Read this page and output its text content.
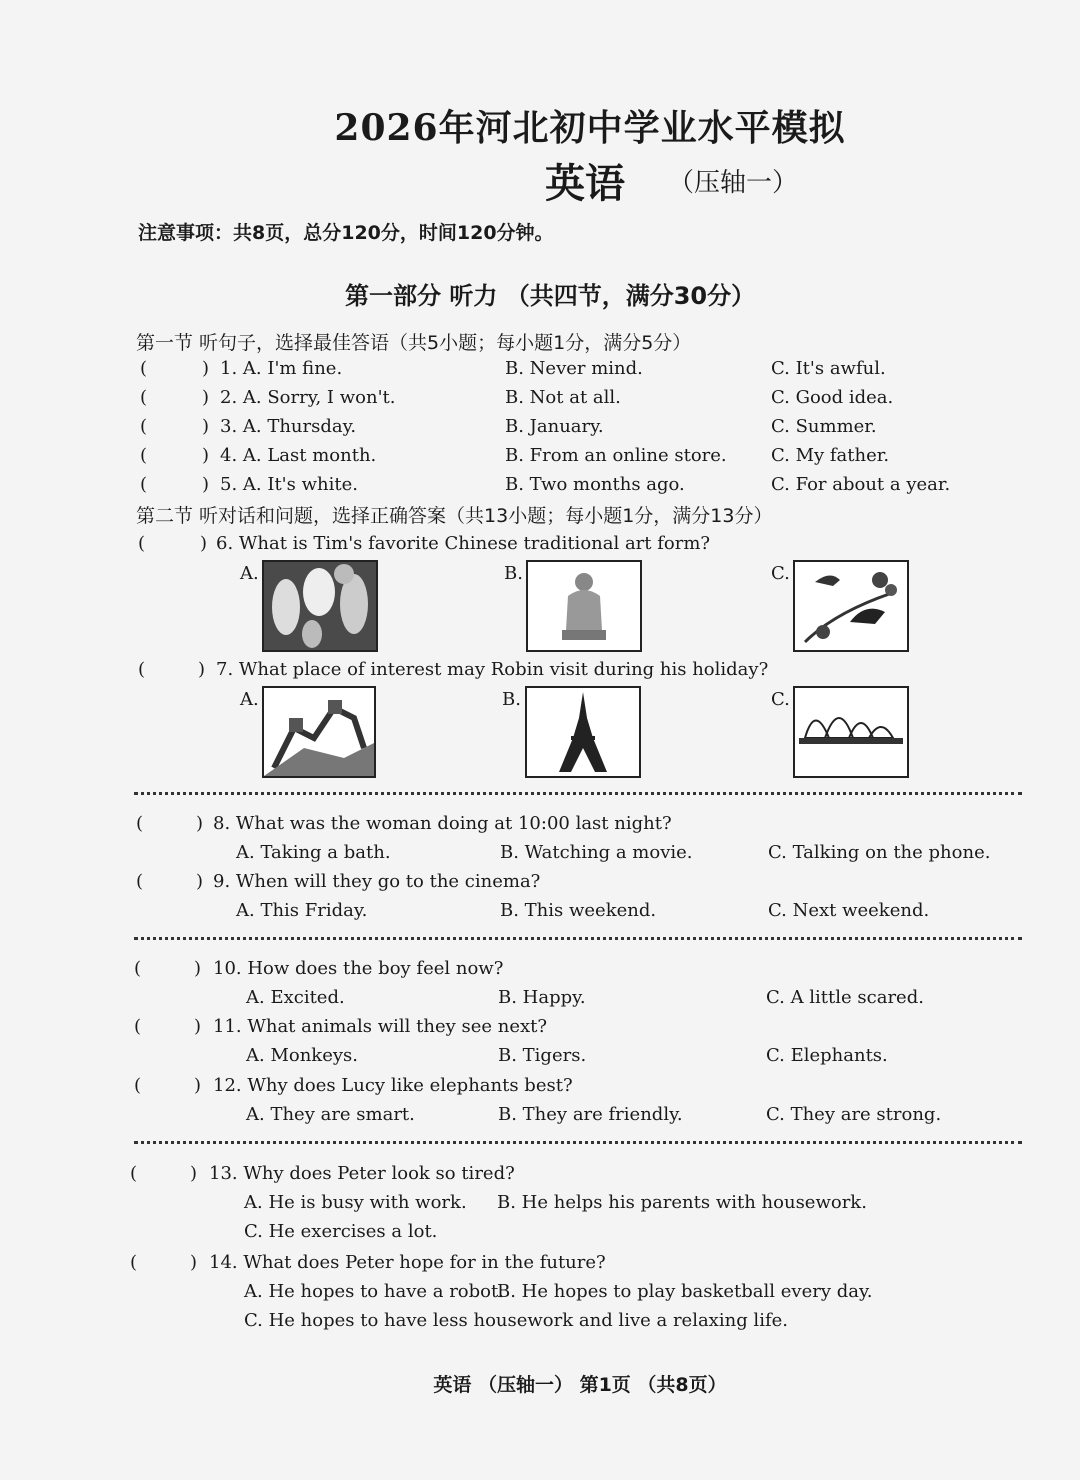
2026年河北初中学业水平模拟
英语 （压轴一）
注意事项：共8页，总分120分，时间120分钟。
第一部分 听力 （共四节，满分30分）
第一节 听句子，选择最佳答语（共5小题；每小题1分，满分5分）
(	) 1. A. I'm fine.	B. Never mind.	C. It's awful.
(	) 2. A. Sorry, I won't.	B. Not at all.	C. Good idea.
(	) 3. A. Thursday.	B. January.	C. Summer.
(	) 4. A. Last month.	B. From an online store. C. My father.
(	) 5. A. It's white.	B. Two months ago.	C. For about a year.
第二节 听对话和问题，选择正确答案（共13小题；每小题1分，满分13分）
(	) 6. What is Tim's favorite Chinese traditional art form?
A.	B.	C.
(	) 7. What place of interest may Robin visit during his holiday?
A.	B.	C.
(	) 8. What was the woman doing at 10:00 last night?
A. Taking a bath.	B. Watching a movie.	C. Talking on the phone.
(	) 9. When will they go to the cinema?
A. This Friday.	B. This weekend.	C. Next weekend.
(	) 10. How does the boy feel now?
A. Excited.	B. Happy.	C. A little scared.
(	) 11. What animals will they see next?
A. Monkeys.	B. Tigers.	C. Elephants.
(	) 12. Why does Lucy like elephants best?
A. They are smart.	B. They are friendly.	C. They are strong.
(	) 13. Why does Peter look so tired?
A. He is busy with work. B. He helps his parents with housework.
C. He exercises a lot.
(	) 14. What does Peter hope for in the future?
A. He hopes to have a robot.
B. He hopes to play basketball every day.
C. He hopes to have less housework and live a relaxing life.
英语 （压轴一） 第1页 （共8页）
